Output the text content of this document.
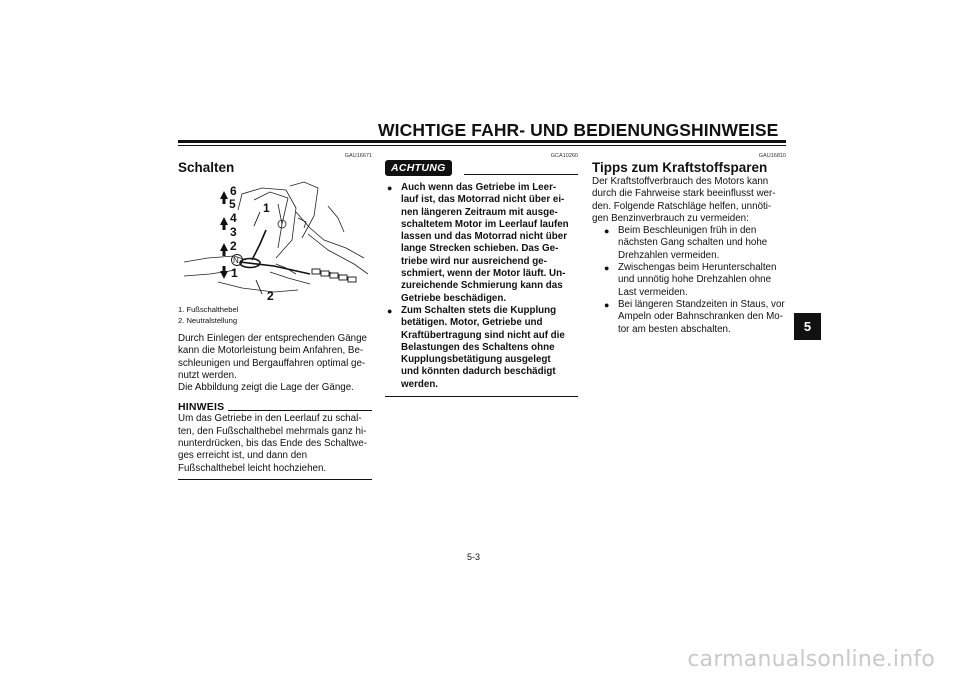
WICHTIGE FAHR- UND BEDIENUNGSHINWEISE
5
GAU16671
Schalten
6
5
4
3
2
N
1
1
2

1. Fußschalthebel

2. Neutralstellung

Durch Einlegen der entsprechenden Gänge

kann die Motorleistung beim Anfahren, Be-

schleunigen und Bergauffahren optimal ge-

nutzt werden.

Die Abbildung zeigt die Lage der Gänge.

HINWEIS

Um das Getriebe in den Leerlauf zu schal-

ten, den Fußschalthebel mehrmals ganz hi-

nunterdrücken, bis das Ende des Schaltwe-

ges erreicht ist, und dann den

Fußschalthebel leicht hochziehen.

GCA10260
ACHTUNG
● Auch wenn das Getriebe im Leer-
lauf ist, das Motorrad nicht über ei-
nen längeren Zeitraum mit ausge-
schaltetem Motor im Leerlauf laufen
lassen und das Motorrad nicht über
lange Strecken schieben. Das Ge-
triebe wird nur ausreichend ge-
schmiert, wenn der Motor läuft. Un-
zureichende Schmierung kann das
Getriebe beschädigen.
● Zum Schalten stets die Kupplung
betätigen. Motor, Getriebe und
Kraftübertragung sind nicht auf die
Belastungen des Schaltens ohne
Kupplungsbetätigung ausgelegt
und könnten dadurch beschädigt
werden.
GAU16810
Tipps zum Kraftstoffsparen

Der Kraftstoffverbrauch des Motors kann

durch die Fahrweise stark beeinflusst wer-

den. Folgende Ratschläge helfen, unnöti-

gen Benzinverbrauch zu vermeiden:

● Beim Beschleunigen früh in den

nächsten Gang schalten und hohe

Drehzahlen vermeiden.

● Zwischengas beim Herunterschalten

und unnötig hohe Drehzahlen ohne

Last vermeiden.

● Bei längeren Standzeiten in Staus, vor

Ampeln oder Bahnschranken den Mo-

tor am besten abschalten.

5-3
carmanualsonline.info
